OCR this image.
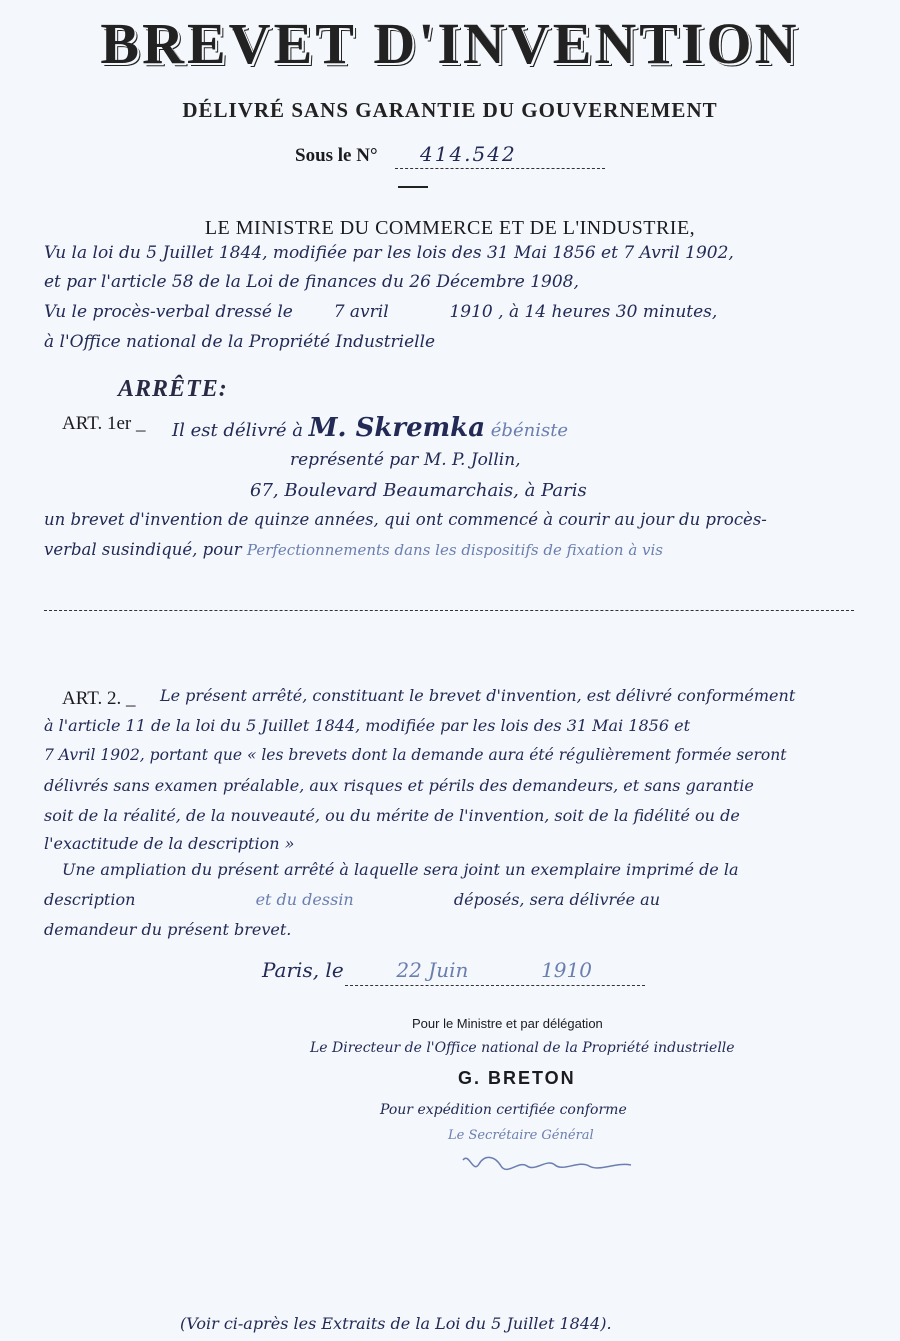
BREVET D'INVENTION
DÉLIVRÉ SANS GARANTIE DU GOUVERNEMENT
Sous le N° 414.542
LE MINISTRE DU COMMERCE ET DE L'INDUSTRIE,
Vu la loi du 5 Juillet 1844, modifiée par les lois des 31 Mai 1856 et 7 Avril 1902,
et par l'article 58 de la Loi de finances du 26 Décembre 1908,
Vu le procès-verbal dressé le 7 avril	1910 , à 14 heures 30 minutes,
à l'Office national de la Propriété Industrielle
ARRÊTE:
ART. 1er _ Il est délivré à M. Skremka ébéniste
représenté par M. P. Jollin,
67, Boulevard Beaumarchais, à Paris
un brevet d'invention de quinze années, qui ont commencé à courir au jour du procès-
verbal susindiqué, pour Perfectionnements dans les dispositifs de fixation à vis
ART. 2. _ Le présent arrêté, constituant le brevet d'invention, est délivré conformément
à l'article 11 de la loi du 5 Juillet 1844, modifiée par les lois des 31 Mai 1856 et
7 Avril 1902, portant que « les brevets dont la demande aura été régulièrement formée seront
délivrés sans examen préalable, aux risques et périls des demandeurs, et sans garantie
soit de la réalité, de la nouveauté, ou du mérite de l'invention, soit de la fidélité ou de
l'exactitude de la description »
Une ampliation du présent arrêté à laquelle sera joint un exemplaire imprimé de la
description	et du dessin	déposés, sera délivrée au
demandeur du présent brevet.
Paris, le	22 Juin	1910
Pour le Ministre et par délégation
Le Directeur de l'Office national de la Propriété industrielle
G. BRETON
Pour expédition certifiée conforme
Le Secrétaire Général
(Voir ci-après les Extraits de la Loi du 5 Juillet 1844).
